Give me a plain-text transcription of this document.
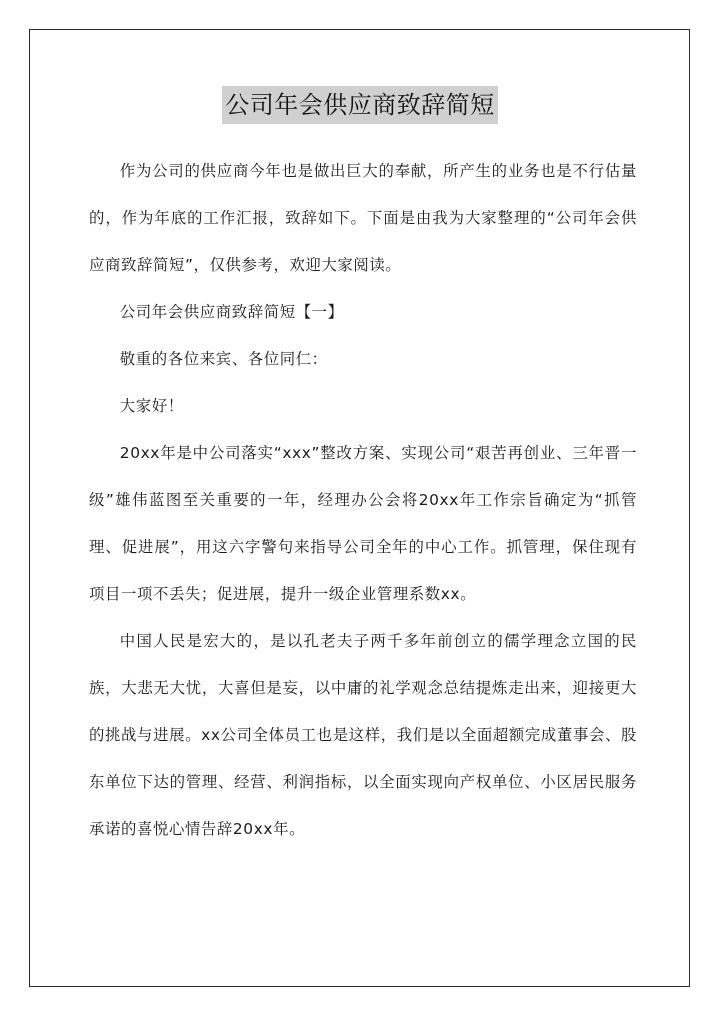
公司年会供应商致辞简短

作为公司的供应商今年也是做出巨大的奉献，所产生的业务也是不行估量的，作为年底的工作汇报，致辞如下。下面是由我为大家整理的“公司年会供应商致辞简短”，仅供参考，欢迎大家阅读。

公司年会供应商致辞简短【一】

敬重的各位来宾、各位同仁：

大家好！

20xx年是中公司落实“xxx”整改方案、实现公司“艰苦再创业、三年晋一级”雄伟蓝图至关重要的一年，经理办公会将20xx年工作宗旨确定为“抓管理、促进展”，用这六字警句来指导公司全年的中心工作。抓管理，保住现有项目一项不丢失；促进展，提升一级企业管理系数xx。

中国人民是宏大的，是以孔老夫子两千多年前创立的儒学理念立国的民族，大悲无大忧，大喜但是妄，以中庸的礼学观念总结提炼走出来，迎接更大的挑战与进展。xx公司全体员工也是这样，我们是以全面超额完成董事会、股东单位下达的管理、经营、利润指标，以全面实现向产权单位、小区居民服务承诺的喜悦心情告辞20xx年。
